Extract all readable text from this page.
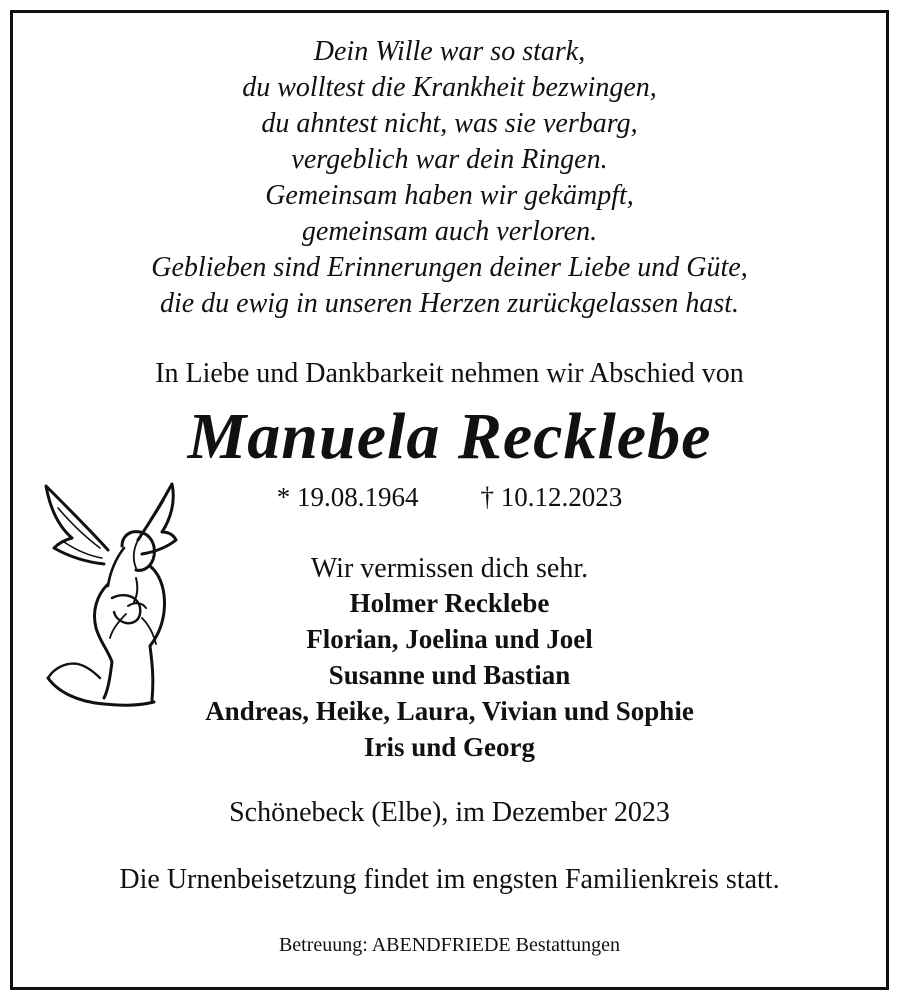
Dein Wille war so stark,
du wolltest die Krankheit bezwingen,
du ahntest nicht, was sie verbarg,
vergeblich war dein Ringen.
Gemeinsam haben wir gekämpft,
gemeinsam auch verloren.
Geblieben sind Erinnerungen deiner Liebe und Güte,
die du ewig in unseren Herzen zurückgelassen hast.
In Liebe und Dankbarkeit nehmen wir Abschied von
Manuela Recklebe
* 19.08.1964 † 10.12.2023
Wir vermissen dich sehr.
Holmer Recklebe
Florian, Joelina und Joel
Susanne und Bastian
Andreas, Heike, Laura, Vivian und Sophie
Iris und Georg
Schönebeck (Elbe), im Dezember 2023
Die Urnenbeisetzung findet im engsten Familienkreis statt.
Betreuung: ABENDFRIEDE Bestattungen
